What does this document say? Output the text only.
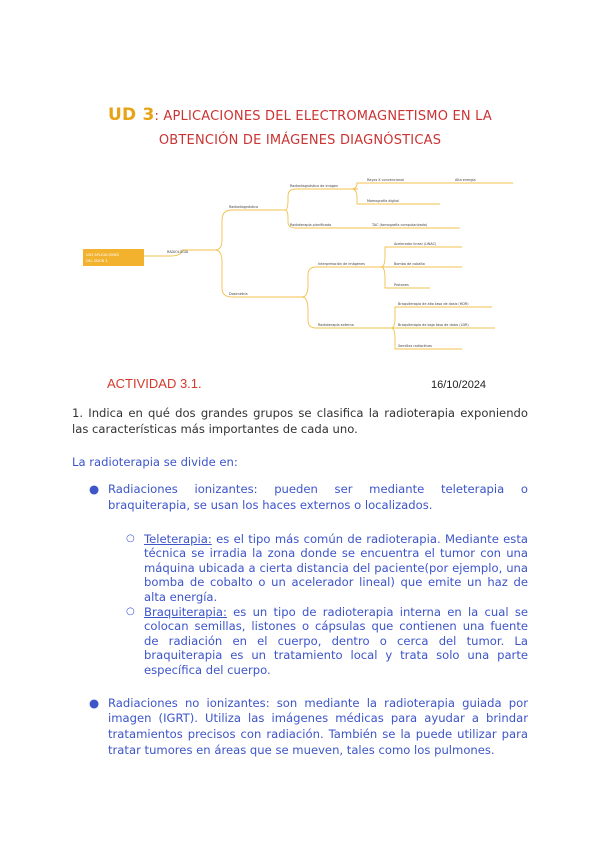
UD 3: APLICACIONES DEL ELECTROMAGNETISMO EN LA
OBTENCIÓN DE IMÁGENES DIAGNÓSTICAS
UD3 APLICACIONES
DEL ODON 3
RADIOLOGÍA
Radiodiagnóstico
Radiodiagnóstico de imagen
Radioterapia planificada
Dosimetría
Interpretación de imágenes
Radioterapia externa
Rayos X convencional	Alta energía
Mamografía digital
TAC (tomografía computarizada)
Acelerador lineal (LINAC)
Bomba de cobalto
Protones
Braquiterapia de alta tasa de dosis (HDR)
Braquiterapia de baja tasa de dosis (LDR)
Semillas radiactivas
ACTIVIDAD 3.1.	16/10/2024
1. Indica en qué dos grandes grupos se clasifica la radioterapia exponiendo las características más importantes de cada uno.
La radioterapia se divide en:
● Radiaciones ionizantes: pueden ser mediante teleterapia o braquiterapia, se usan los haces externos o localizados.
○ Teleterapia: es el tipo más común de radioterapia. Mediante esta técnica se irradia la zona donde se encuentra el tumor con una máquina ubicada a cierta distancia del paciente(por ejemplo, una bomba de cobalto o un acelerador lineal) que emite un haz de alta energía.
○ Braquiterapia: es un tipo de radioterapia interna en la cual se colocan semillas, listones o cápsulas que contienen una fuente de radiación en el cuerpo, dentro o cerca del tumor. La braquiterapia es un tratamiento local y trata solo una parte específica del cuerpo.
● Radiaciones no ionizantes: son mediante la radioterapia guiada por imagen (IGRT). Utiliza las imágenes médicas para ayudar a brindar tratamientos precisos con radiación. También se la puede utilizar para tratar tumores en áreas que se mueven, tales como los pulmones.
